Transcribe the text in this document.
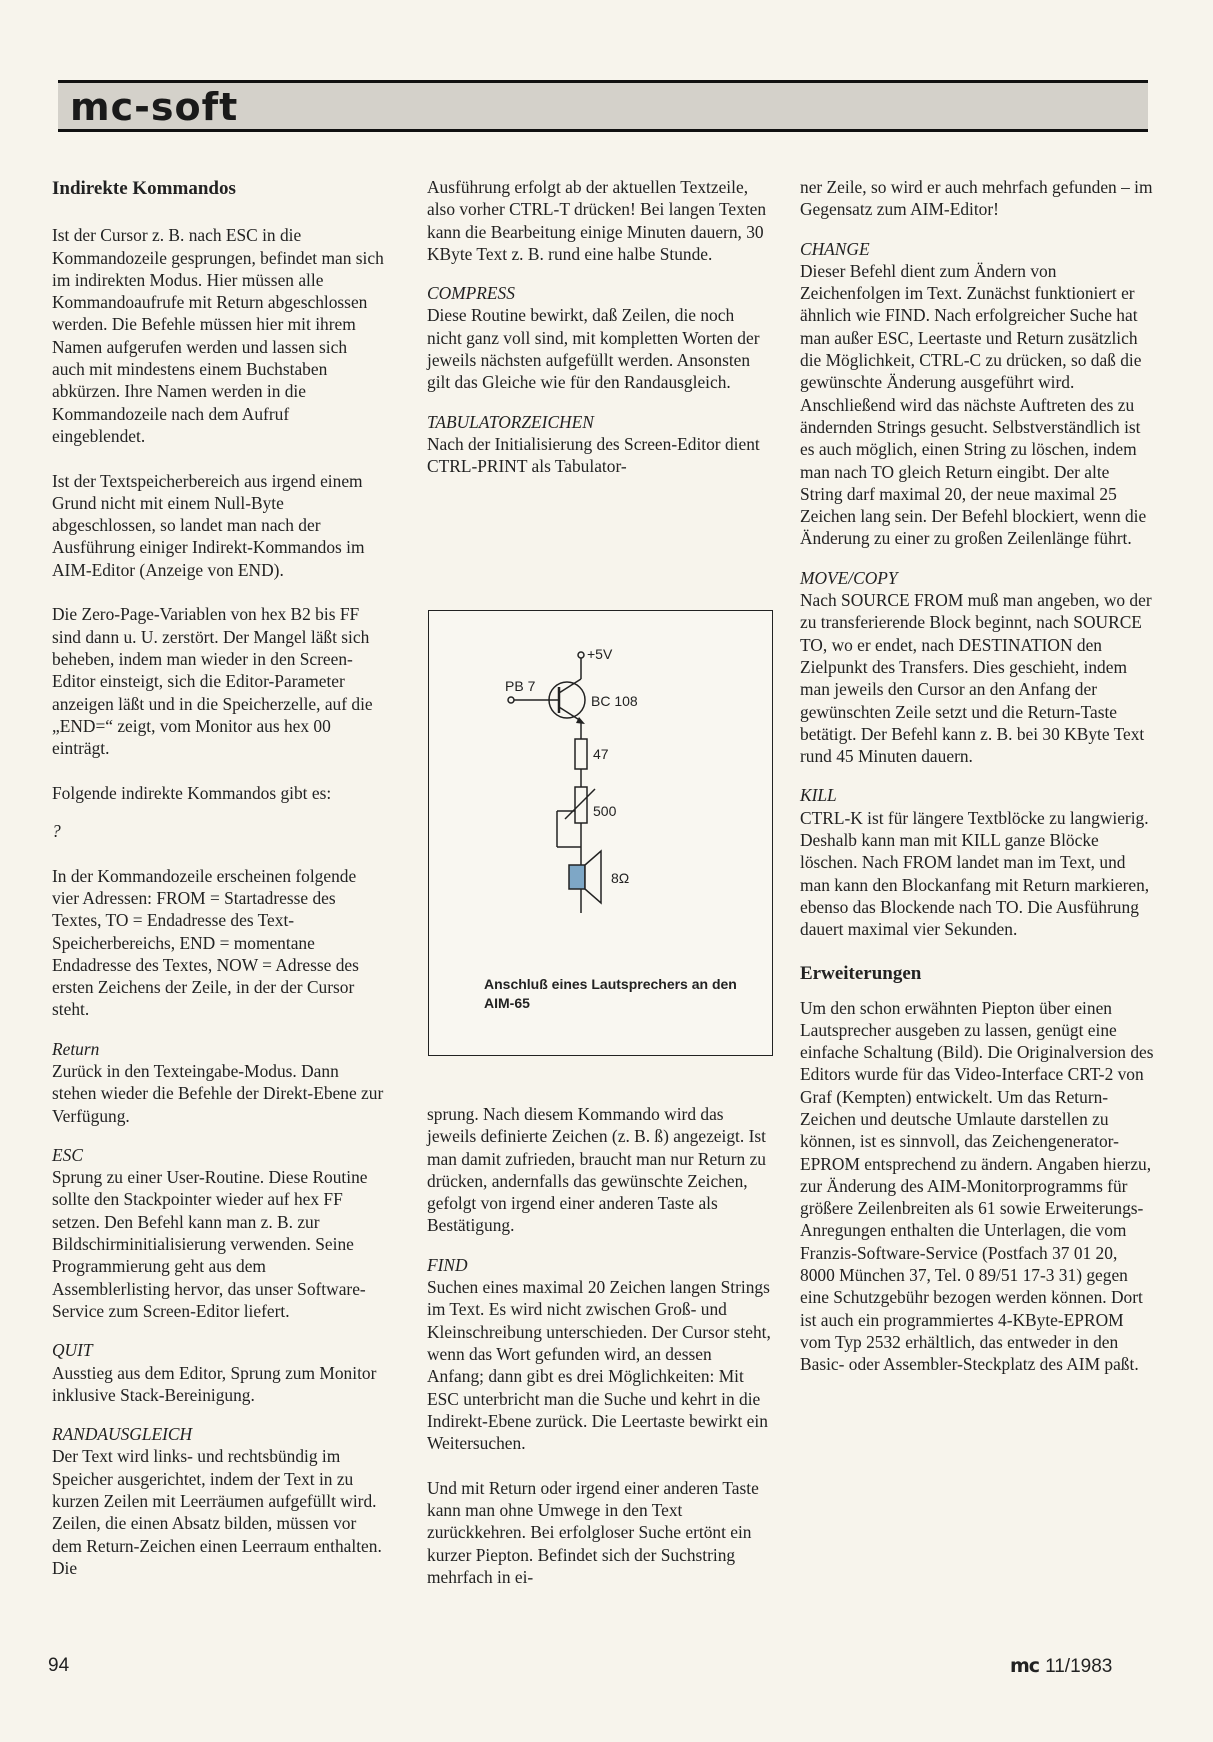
mc-soft
Indirekte Kommandos

Ist der Cursor z. B. nach ESC in die Kommandozeile gesprungen, befindet man sich im indirekten Modus. Hier müssen alle Kommandoaufrufe mit Return abgeschlossen werden. Die Befehle müssen hier mit ihrem Namen aufgerufen werden und lassen sich auch mit mindestens einem Buchstaben abkürzen. Ihre Namen werden in die Kommandozeile nach dem Aufruf eingeblendet.

Ist der Textspeicherbereich aus irgend einem Grund nicht mit einem Null-Byte abgeschlossen, so landet man nach der Ausführung einiger Indirekt-Kommandos im AIM-Editor (Anzeige von END).

Die Zero-Page-Variablen von hex B2 bis FF sind dann u. U. zerstört. Der Mangel läßt sich beheben, indem man wieder in den Screen-Editor einsteigt, sich die Editor-Parameter anzeigen läßt und in die Speicherzelle, auf die „END=“ zeigt, vom Monitor aus hex 00 einträgt.

Folgende indirekte Kommandos gibt es:

?

In der Kommandozeile erscheinen folgende vier Adressen: FROM = Startadresse des Textes, TO = Endadresse des Text-Speicherbereichs, END = momentane Endadresse des Textes, NOW = Adresse des ersten Zeichens der Zeile, in der der Cursor steht.

Return

Zurück in den Texteingabe-Modus. Dann stehen wieder die Befehle der Direkt-Ebene zur Verfügung.

ESC

Sprung zu einer User-Routine. Diese Routine sollte den Stackpointer wieder auf hex FF setzen. Den Befehl kann man z. B. zur Bildschirminitialisierung verwenden. Seine Programmierung geht aus dem Assemblerlisting hervor, das unser Software-Service zum Screen-Editor liefert.

QUIT

Ausstieg aus dem Editor, Sprung zum Monitor inklusive Stack-Bereinigung.

RANDAUSGLEICH

Der Text wird links- und rechtsbündig im Speicher ausgerichtet, indem der Text in zu kurzen Zeilen mit Leerräumen aufgefüllt wird. Zeilen, die einen Absatz bilden, müssen vor dem Return-Zeichen einen Leerraum enthalten. Die

Ausführung erfolgt ab der aktuellen Textzeile, also vorher CTRL-T drücken! Bei langen Texten kann die Bearbeitung einige Minuten dauern, 30 KByte Text z. B. rund eine halbe Stunde.

COMPRESS

Diese Routine bewirkt, daß Zeilen, die noch nicht ganz voll sind, mit kompletten Worten der jeweils nächsten aufgefüllt werden. Ansonsten gilt das Gleiche wie für den Randausgleich.

TABULATORZEICHEN

Nach der Initialisierung des Screen-Editor dient CTRL-PRINT als Tabulator-

+5V
PB 7
BC 108
47
500
8Ω
Anschluß eines Lautsprechers an den AIM-65

sprung. Nach diesem Kommando wird das jeweils definierte Zeichen (z. B. ß) angezeigt. Ist man damit zufrieden, braucht man nur Return zu drücken, andernfalls das gewünschte Zeichen, gefolgt von irgend einer anderen Taste als Bestätigung.

FIND

Suchen eines maximal 20 Zeichen langen Strings im Text. Es wird nicht zwischen Groß- und Kleinschreibung unterschieden. Der Cursor steht, wenn das Wort gefunden wird, an dessen Anfang; dann gibt es drei Möglichkeiten: Mit ESC unterbricht man die Suche und kehrt in die Indirekt-Ebene zurück. Die Leertaste bewirkt ein Weitersuchen.

Und mit Return oder irgend einer anderen Taste kann man ohne Umwege in den Text zurückkehren. Bei erfolgloser Suche ertönt ein kurzer Piepton. Befindet sich der Suchstring mehrfach in ei-

ner Zeile, so wird er auch mehrfach gefunden – im Gegensatz zum AIM-Editor!

CHANGE

Dieser Befehl dient zum Ändern von Zeichenfolgen im Text. Zunächst funktioniert er ähnlich wie FIND. Nach erfolgreicher Suche hat man außer ESC, Leertaste und Return zusätzlich die Möglichkeit, CTRL-C zu drücken, so daß die gewünschte Änderung ausgeführt wird. Anschließend wird das nächste Auftreten des zu ändernden Strings gesucht. Selbstverständlich ist es auch möglich, einen String zu löschen, indem man nach TO gleich Return eingibt. Der alte String darf maximal 20, der neue maximal 25 Zeichen lang sein. Der Befehl blockiert, wenn die Änderung zu einer zu großen Zeilenlänge führt.

MOVE/COPY

Nach SOURCE FROM muß man angeben, wo der zu transferierende Block beginnt, nach SOURCE TO, wo er endet, nach DESTINATION den Zielpunkt des Transfers. Dies geschieht, indem man jeweils den Cursor an den Anfang der gewünschten Zeile setzt und die Return-Taste betätigt. Der Befehl kann z. B. bei 30 KByte Text rund 45 Minuten dauern.

KILL

CTRL-K ist für längere Textblöcke zu langwierig. Deshalb kann man mit KILL ganze Blöcke löschen. Nach FROM landet man im Text, und man kann den Blockanfang mit Return markieren, ebenso das Blockende nach TO. Die Ausführung dauert maximal vier Sekunden.

Erweiterungen

Um den schon erwähnten Piepton über einen Lautsprecher ausgeben zu lassen, genügt eine einfache Schaltung (Bild). Die Originalversion des Editors wurde für das Video-Interface CRT-2 von Graf (Kempten) entwickelt. Um das Return-Zeichen und deutsche Umlaute darstellen zu können, ist es sinnvoll, das Zeichengenerator-EPROM entsprechend zu ändern. Angaben hierzu, zur Änderung des AIM-Monitorprogramms für größere Zeilenbreiten als 61 sowie Erweiterungs-Anregungen enthalten die Unterlagen, die vom Franzis-Software-Service (Postfach 37 01 20, 8000 München 37, Tel. 0 89/51 17-3 31) gegen eine Schutzgebühr bezogen werden können. Dort ist auch ein programmiertes 4-KByte-EPROM vom Typ 2532 erhältlich, das entweder in den Basic- oder Assembler-Steckplatz des AIM paßt.

94	mc 11/1983
